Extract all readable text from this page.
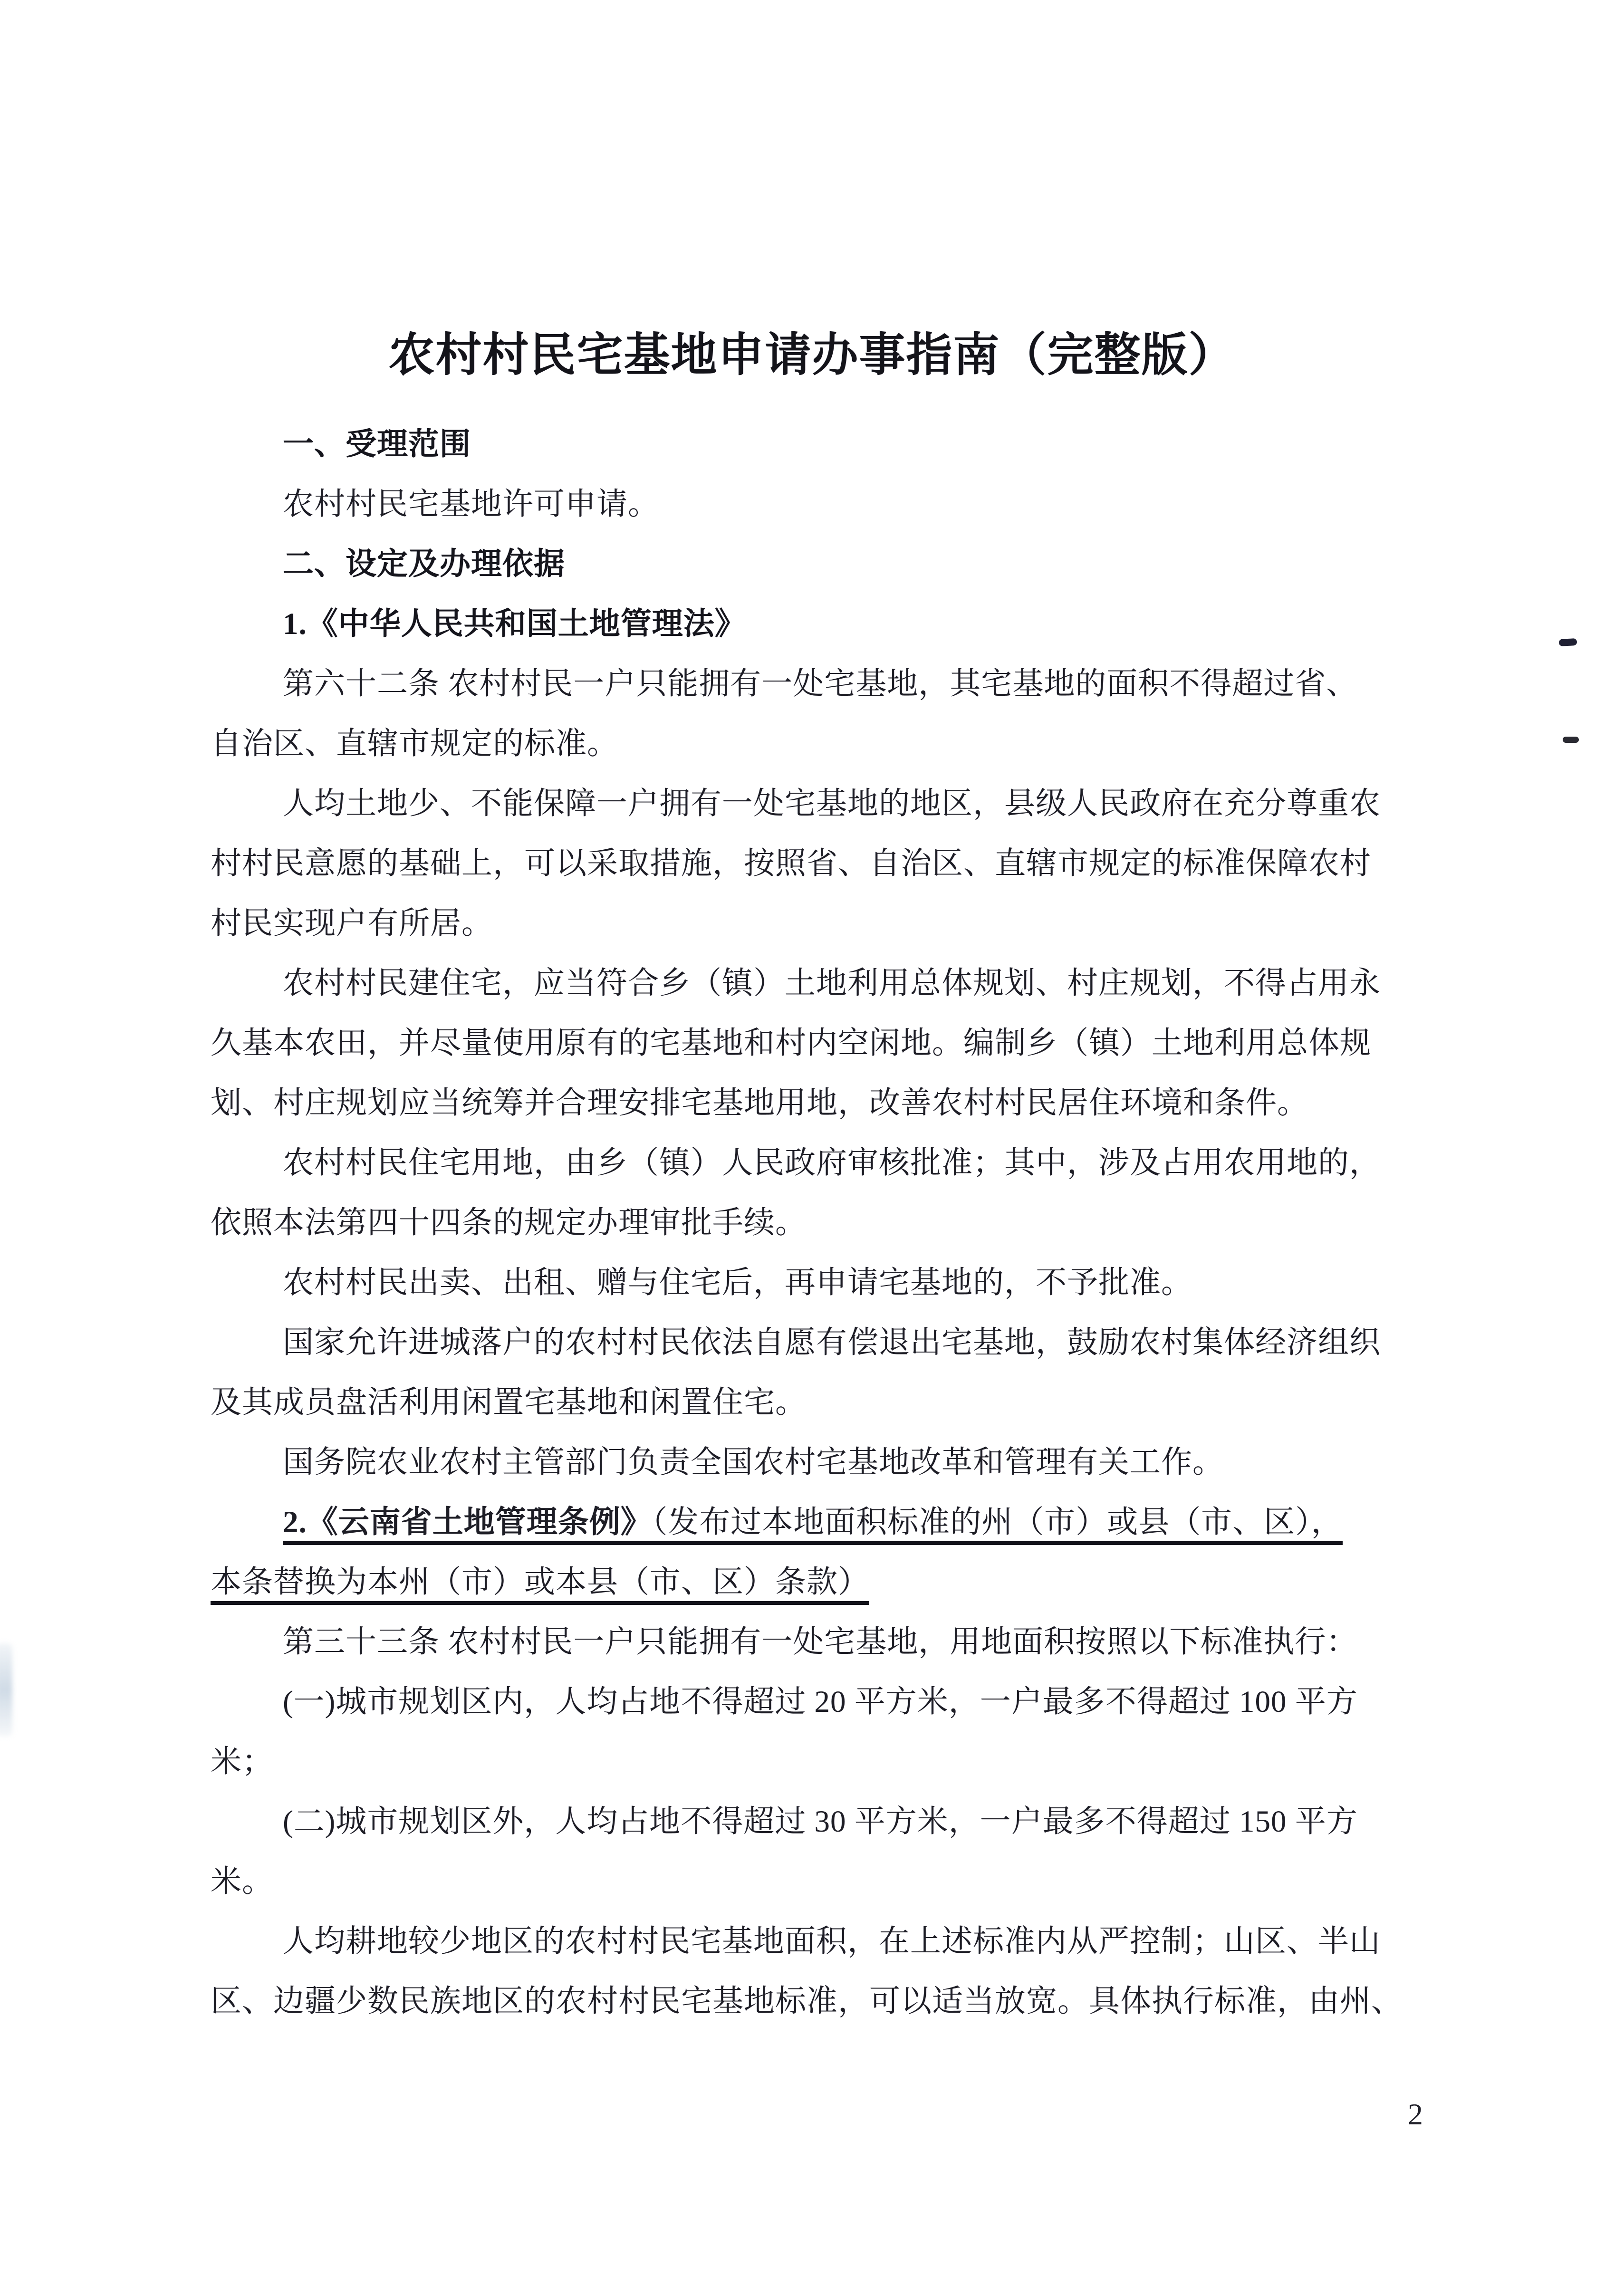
农村村民宅基地申请办事指南（完整版）

一、受理范围

农村村民宅基地许可申请。

二、设定及办理依据

1.《中华人民共和国土地管理法》

第六十二条 农村村民一户只能拥有一处宅基地，其宅基地的面积不得超过省、

自治区、直辖市规定的标准。

人均土地少、不能保障一户拥有一处宅基地的地区，县级人民政府在充分尊重农

村村民意愿的基础上，可以采取措施，按照省、自治区、直辖市规定的标准保障农村

村民实现户有所居。

农村村民建住宅，应当符合乡（镇）土地利用总体规划、村庄规划，不得占用永

久基本农田，并尽量使用原有的宅基地和村内空闲地。编制乡（镇）土地利用总体规

划、村庄规划应当统筹并合理安排宅基地用地，改善农村村民居住环境和条件。

农村村民住宅用地，由乡（镇）人民政府审核批准；其中，涉及占用农用地的，

依照本法第四十四条的规定办理审批手续。

农村村民出卖、出租、赠与住宅后，再申请宅基地的，不予批准。

国家允许进城落户的农村村民依法自愿有偿退出宅基地，鼓励农村集体经济组织

及其成员盘活利用闲置宅基地和闲置住宅。

国务院农业农村主管部门负责全国农村宅基地改革和管理有关工作。

2.《云南省土地管理条例》（发布过本地面积标准的州（市）或县（市、区），

本条替换为本州（市）或本县（市、区）条款）

第三十三条 农村村民一户只能拥有一处宅基地，用地面积按照以下标准执行：

(一)城市规划区内，人均占地不得超过 20 平方米，一户最多不得超过 100 平方

米；

(二)城市规划区外，人均占地不得超过 30 平方米，一户最多不得超过 150 平方

米。

人均耕地较少地区的农村村民宅基地面积，在上述标准内从严控制；山区、半山

区、边疆少数民族地区的农村村民宅基地标准，可以适当放宽。具体执行标准，由州、

2
